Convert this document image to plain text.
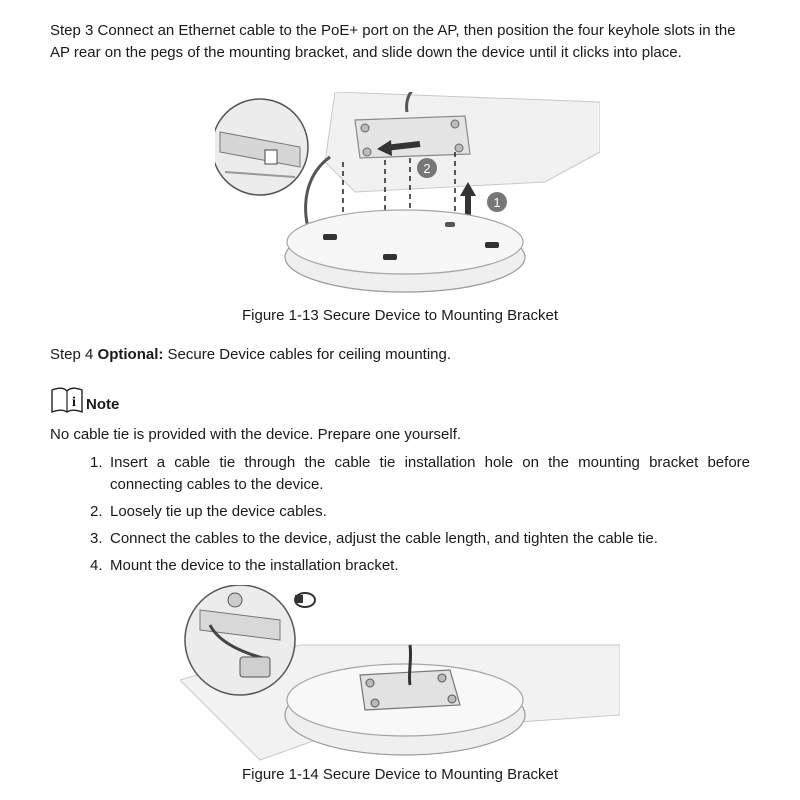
Step 3 Connect an Ethernet cable to the PoE+ port on the AP, then position the four keyhole slots in the AP rear on the pegs of the mounting bracket, and slide down the device until it clicks into place.

2
1
Figure 1-13 Secure Device to Mounting Bracket

Step 4 Optional: Secure Device cables for ceiling mounting.

i Note

No cable tie is provided with the device. Prepare one yourself.

1. Insert a cable tie through the cable tie installation hole on the mounting bracket before connecting cables to the device.
2. Loosely tie up the device cables.
3. Connect the cables to the device, adjust the cable length, and tighten the cable tie.
4. Mount the device to the installation bracket.
Figure 1-14 Secure Device to Mounting Bracket
